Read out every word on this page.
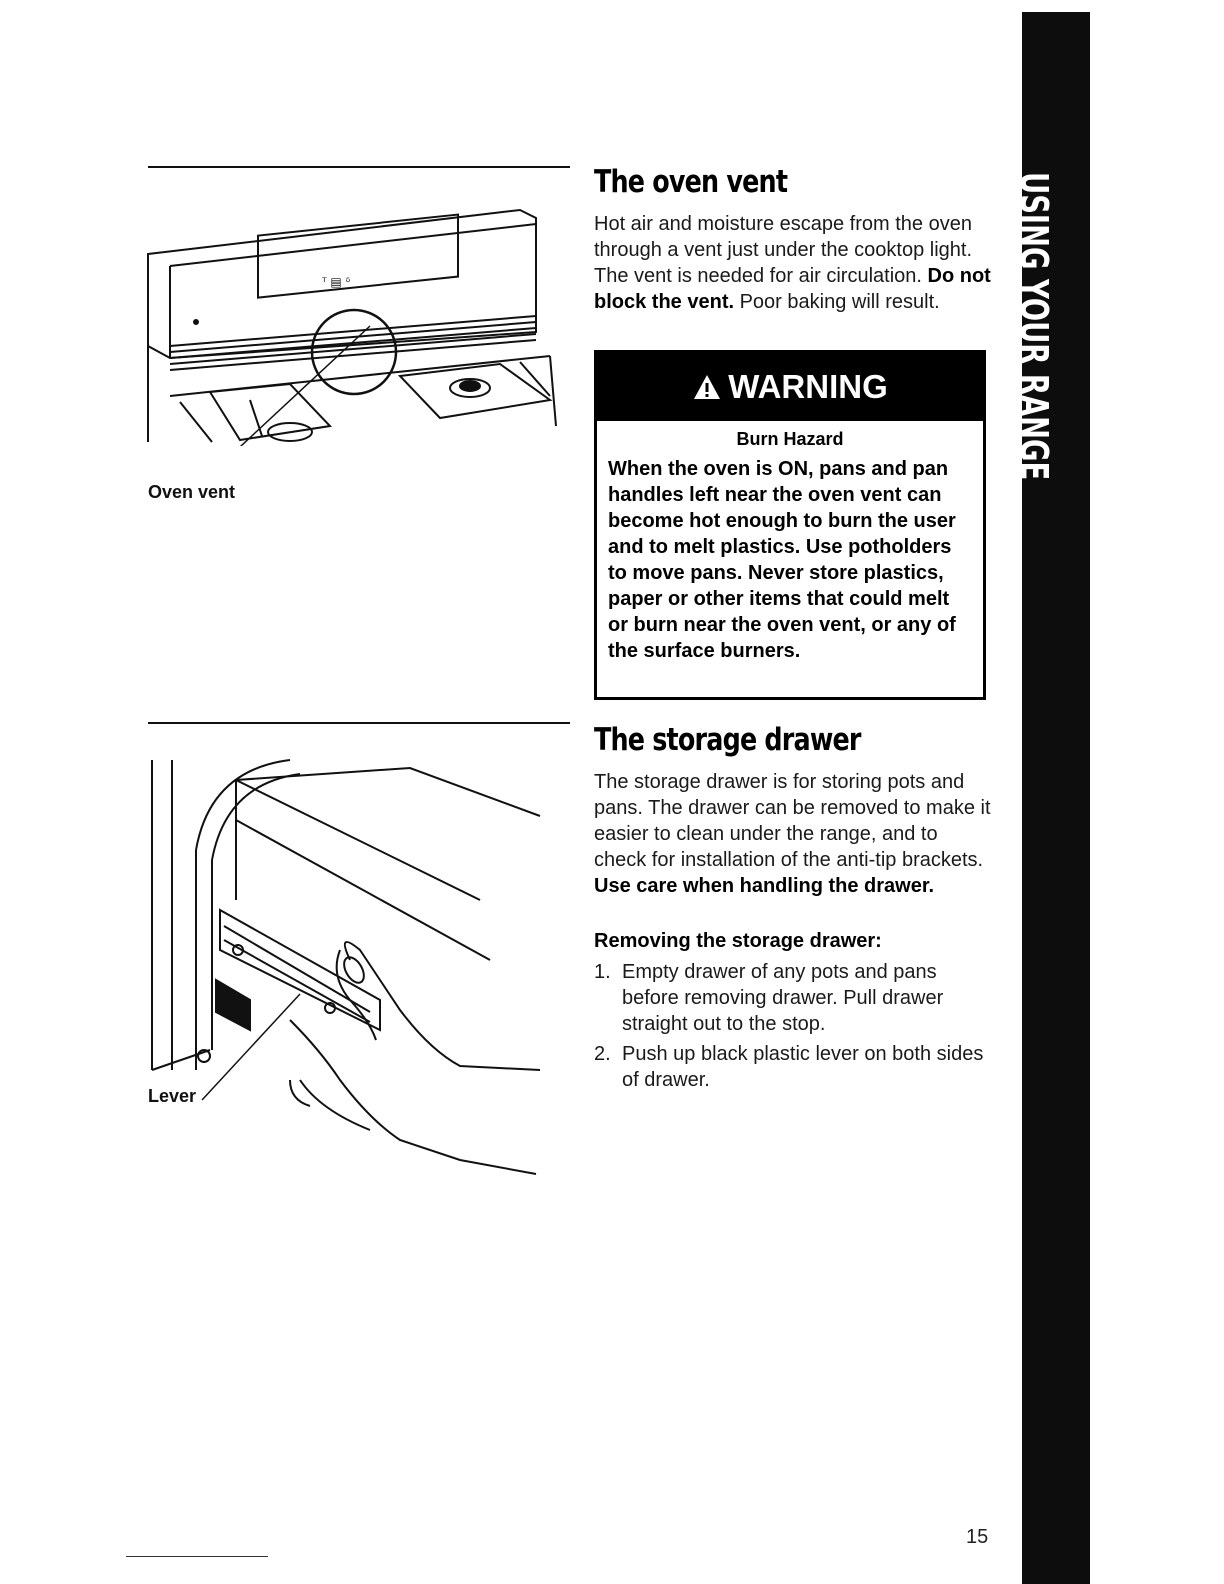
ᵀ ▤ ᵟ
Oven vent
The oven vent
Hot air and moisture escape from the oven through a vent just under the cooktop light. The vent is needed for air circulation. Do not block the vent. Poor baking will result.
WARNING
Burn Hazard
When the oven is ON, pans and pan handles left near the oven vent can become hot enough to burn the user and to melt plastics. Use potholders to move pans. Never store plastics, paper or other items that could melt or burn near the oven vent, or any of the surface burners.
Lever
The storage drawer
The storage drawer is for storing pots and pans. The drawer can be removed to make it easier to clean under the range, and to check for installation of the anti-tip brackets. Use care when handling the drawer.
Removing the storage drawer:
1. Empty drawer of any pots and pans before removing drawer. Pull drawer straight out to the stop.
2. Push up black plastic lever on both sides of drawer.
USING YOUR RANGE
15
